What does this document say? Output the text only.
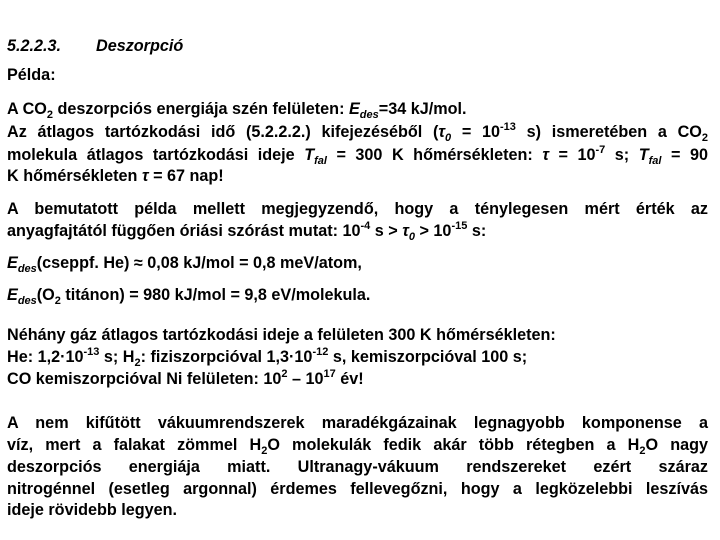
5.2.2.3. Deszorpció
Példa:
A $CO_2$ deszorpciós energiája szén felületen: $E_{des}=34$ kJ/mol.
Az átlagos tartózkodási idő (5.2.2.2.) kifejezéséből ($\tau_0 = 10^{-13}$ s) ismeretében a $CO_2$
molekula átlagos tartózkodási ideje $T_{fal} = 300$ K hőmérsékleten: $\tau = 10^{-7}$ s; $T_{fal} = 90$
K hőmérsékleten τ = 67 nap!
A bemutatott példa mellett megjegyzendő, hogy a ténylegesen mért érték az
anyagfajtától függően óriási szórást mutat: $10^{-4}$ $s > \tau_0 > 10^{-15}$ s:
$E_{des}(cseppf$. He) ≈ 0,08 kJ/mol = 0,8 meV/atom,
$E_{des}(O_2$ titánon) = 980 kJ/mol = 9,8 eV/molekula.
Néhány gáz átlagos tartózkodási ideje a felületen 300 K hőmérsékleten:
He: $1,2\cdot 10^{-13}$ s; $H_2$: fiziszorpcióval $1,3\cdot 10^{-12}$ s, kemiszorpcióval 100 s;
CO kemiszorpcióval Ni felületen: $10^2 - 10^{17}$ év!
A nem kifűtött vákuumrendszerek maradékgázainak legnagyobb komponense a
víz, mert a falakat zömmel $H_2O$ molekulák fedik akár több rétegben a $H_2O$ nagy
deszorpciós energiája miatt. Ultranagy-vákuum rendszereket ezért száraz
nitrogénnel (esetleg argonnal) érdemes fellevegőzni, hogy a legközelebbi leszívás
ideje rövidebb legyen.
